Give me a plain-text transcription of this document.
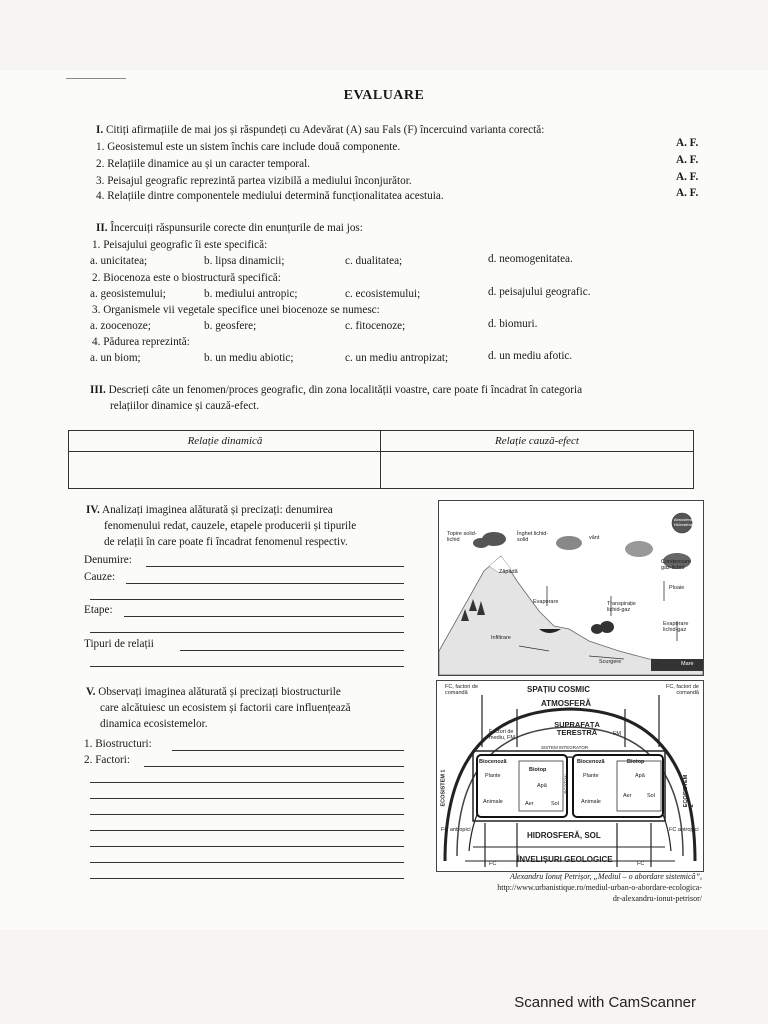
EVALUARE
I. Citiți afirmațiile de mai jos și răspundeți cu Adevărat (A) sau Fals (F) încercuind varianta corectă:
1. Geosistemul este un sistem închis care include două componente.	A. F.
2. Relațiile dinamice au și un caracter temporal.	A. F.
3. Peisajul geografic reprezintă partea vizibilă a mediului înconjurător.	A. F.
4. Relațiile dintre componentele mediului determină funcționalitatea acestuia.	A. F.
II. Încercuiți răspunsurile corecte din enunțurile de mai jos:
1. Peisajului geografic îi este specifică:
a. unicitatea;	b. lipsa dinamicii;	c. dualitatea;	d. neomogenitatea.
2. Biocenoza este o biostructură specifică:
a. geosistemului;	b. mediului antropic;	c. ecosistemului;	d. peisajului geografic.
3. Organismele vii vegetale specifice unei biocenoze se numesc:
a. zoocenoze;	b. geosfere;	c. fitocenoze;	d. biomuri.
4. Pădurea reprezintă:
a. un biom;	b. un mediu abiotic;	c. un mediu antropizat;	d. un mediu afotic.
III. Descrieți câte un fenomen/proces geografic, din zona localității voastre, care poate fi încadrat în categoria
relațiilor dinamice și cauză-efect.
Relație dinamică	Relație cauză-efect
IV. Analizați imaginea alăturată și precizați: denumirea
fenomenului redat, cauzele, etapele producerii și tipurile
de relații în care poate fi încadrat fenomenul respectiv.
Denumire:
Cauze:
Etape:
Tipuri de relații
Topire solid-lichid
Înghet lichid-solid	vânt
Zăpadă
Condensare gaz-lichid
Ploaie
Evaporare	Transpirație lichid-gaz
Evaporare lichid-gaz
Infiltrare
Scurgere	Mare
Atmosfera Hidrosfera
V. Observați imaginea alăturată și precizați biostructurile
care alcătuiesc un ecosistem și factorii care influențează
dinamica ecosistemelor.
1. Biostructuri:
2. Factori:
FC, factori de comandă
FC, factori de comandă
SPAȚIU COSMIC
ATMOSFERĂ
SUPRAFAȚA TERESTRĂ
Factori de mediu, FM
FM
SISTEM INTEGRATOR
ECOSISTEM 1	ECOSISTEM 2
ECOTON
Biocenoză
Biotop
Biocenoză	Biotop
Plante
Animale
Plante
Animale
Apă
Aer	Sol
Apă
Aer	Sol
FC antropici	FC antropici
HIDROSFERĂ, SOL
ÎNVELIȘURI GEOLOGICE
FC	FC
Alexandru Ionuț Petrișor, „Mediul – o abordare sistemică”,
http://www.urbanistique.ro/mediul-urban-o-abordare-ecologica-
dr-alexandru-ionut-petrisor/
Scanned with CamScanner
